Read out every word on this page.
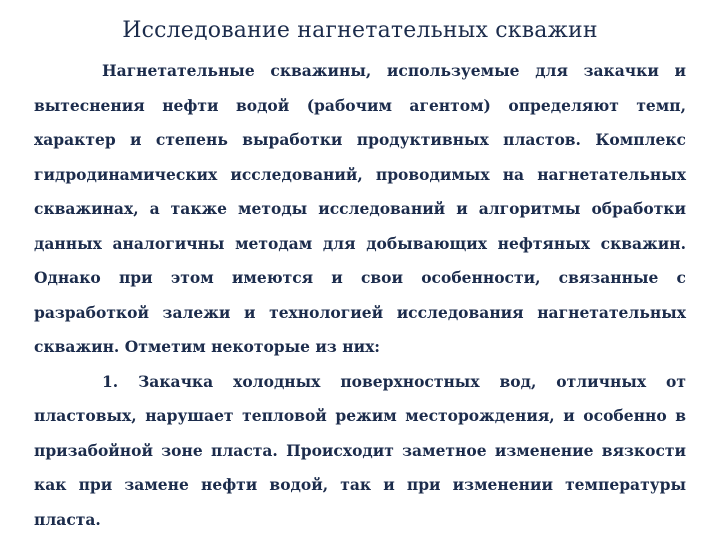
Исследование нагнетательных скважин

Нагнетательные скважины, используемые для закачки и вытеснения нефти водой (рабочим агентом) определяют темп, характер и степень выработки продуктивных пластов. Комплекс гидродинамических исследований, проводимых на нагнетательных скважинах, а также методы исследований и алгоритмы обработки данных аналогичны методам для добывающих нефтяных скважин. Однако при этом имеются и свои особенности, связанные с разработкой залежи и технологией исследования нагнетательных скважин. Отметим некоторые из них:

1. Закачка холодных поверхностных вод, отличных от пластовых, нарушает тепловой режим месторождения, и особенно в призабойной зоне пласта. Происходит заметное изменение вязкости как при замене нефти водой, так и при изменении температуры пласта.
